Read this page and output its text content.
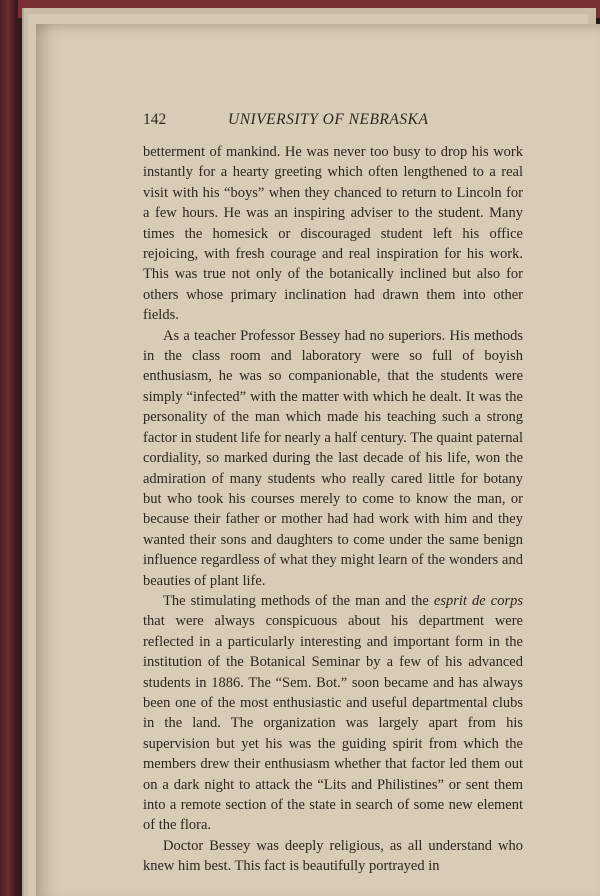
142	UNIVERSITY OF NEBRASKA

betterment of mankind. He was never too busy to drop his work instantly for a hearty greeting which often lengthened to a real visit with his “boys” when they chanced to return to Lincoln for a few hours. He was an inspiring adviser to the student. Many times the homesick or discouraged student left his office rejoicing, with fresh courage and real inspiration for his work. This was true not only of the botanically inclined but also for others whose primary inclination had drawn them into other fields.

As a teacher Professor Bessey had no superiors. His methods in the class room and laboratory were so full of boyish enthusiasm, he was so companionable, that the students were simply “infected” with the matter with which he dealt. It was the personality of the man which made his teaching such a strong factor in student life for nearly a half century. The quaint paternal cordiality, so marked during the last decade of his life, won the admiration of many students who really cared little for botany but who took his courses merely to come to know the man, or because their father or mother had had work with him and they wanted their sons and daughters to come under the same benign influence regardless of what they might learn of the wonders and beauties of plant life.

The stimulating methods of the man and the esprit de corps that were always conspicuous about his department were reflected in a particularly interesting and important form in the institution of the Botanical Seminar by a few of his advanced students in 1886. The “Sem. Bot.” soon became and has always been one of the most enthusiastic and useful departmental clubs in the land. The organization was largely apart from his supervision but yet his was the guiding spirit from which the members drew their enthusiasm whether that factor led them out on a dark night to attack the “Lits and Philistines” or sent them into a remote section of the state in search of some new element of the flora.

Doctor Bessey was deeply religious, as all understand who knew him best. This fact is beautifully portrayed in
